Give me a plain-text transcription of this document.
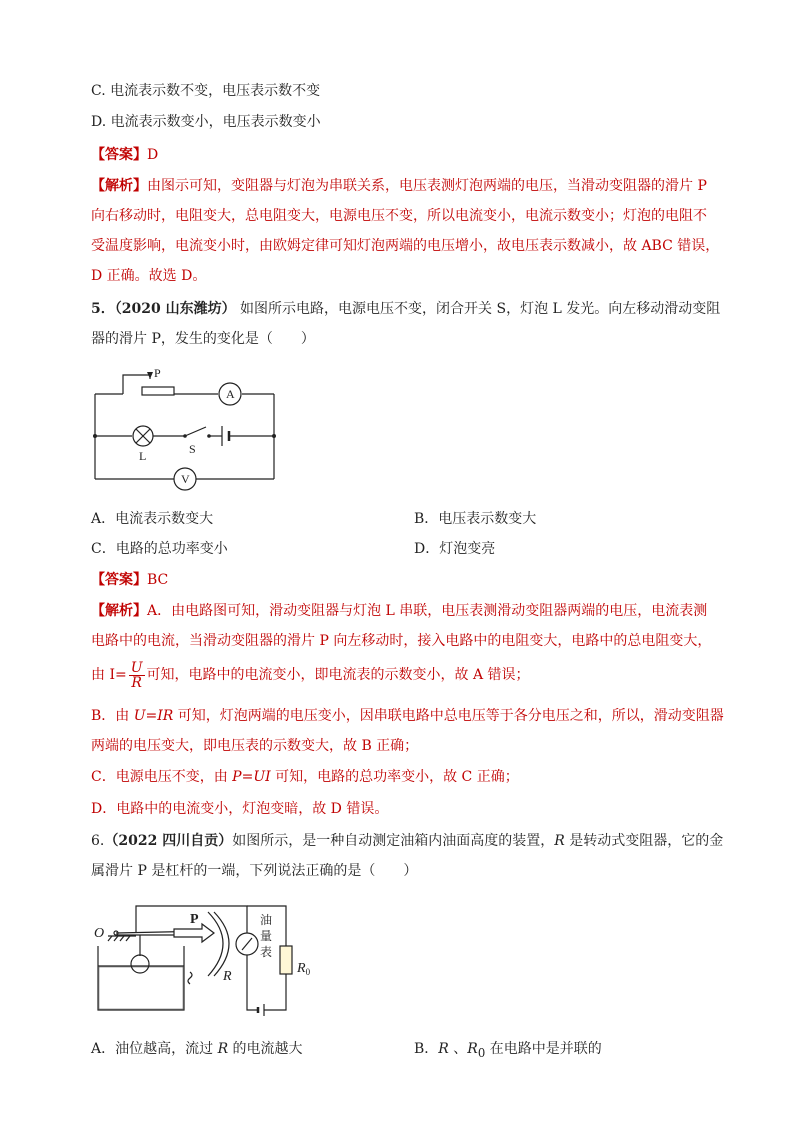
C. 电流表示数不变，电压表示数不变
D. 电流表示数变小，电压表示数变小
【答案】D
【解析】由图示可知，变阻器与灯泡为串联关系，电压表测灯泡两端的电压，当滑动变阻器的滑片 P
向右移动时，电阻变大，总电阻变大，电源电压不变，所以电流变小，电流示数变小；灯泡的电阻不
受温度影响，电流变小时，由欧姆定律可知灯泡两端的电压增小，故电压表示数减小，故 ABC 错误，
D 正确。故选 D。
5．（2020 山东潍坊） 如图所示电路，电源电压不变，闭合开关 S，灯泡 L 发光。向左移动滑动变阻
器的滑片 P，发生的变化是（　　）
P
A
L	S
V
A．电流表示数变大	B．电压表示数变大
C．电路的总功率变小	D．灯泡变亮
【答案】BC
【解析】A．由电路图可知，滑动变阻器与灯泡 L 串联，电压表测滑动变阻器两端的电压，电流表测
电路中的电流，当滑动变阻器的滑片 P 向左移动时，接入电路中的电阻变大，电路中的总电阻变大，
由 $I= \frac{U}{R}$ 可知，电路中的电流变小，即电流表的示数变小，故 A 错误；
B．由 U=IR 可知，灯泡两端的电压变小，因串联电路中总电压等于各分电压之和，所以，滑动变阻器
两端的电压变大，即电压表的示数变大，故 B 正确；
C．电源电压不变，由 P=UI 可知，电路的总功率变小，故 C 正确；
D．电路中的电流变小，灯泡变暗，故 D 错误。
6.（2022 四川自贡）如图所示，是一种自动测定油箱内油面高度的装置，R 是转动式变阻器，它的金
属滑片 P 是杠杆的一端，下列说法正确的是（　　）
O
P
R
$R_0$
油
量
表
A．油位越高，流过 R 的电流越大	B．R 、$R_0$ 在电路中是并联的
